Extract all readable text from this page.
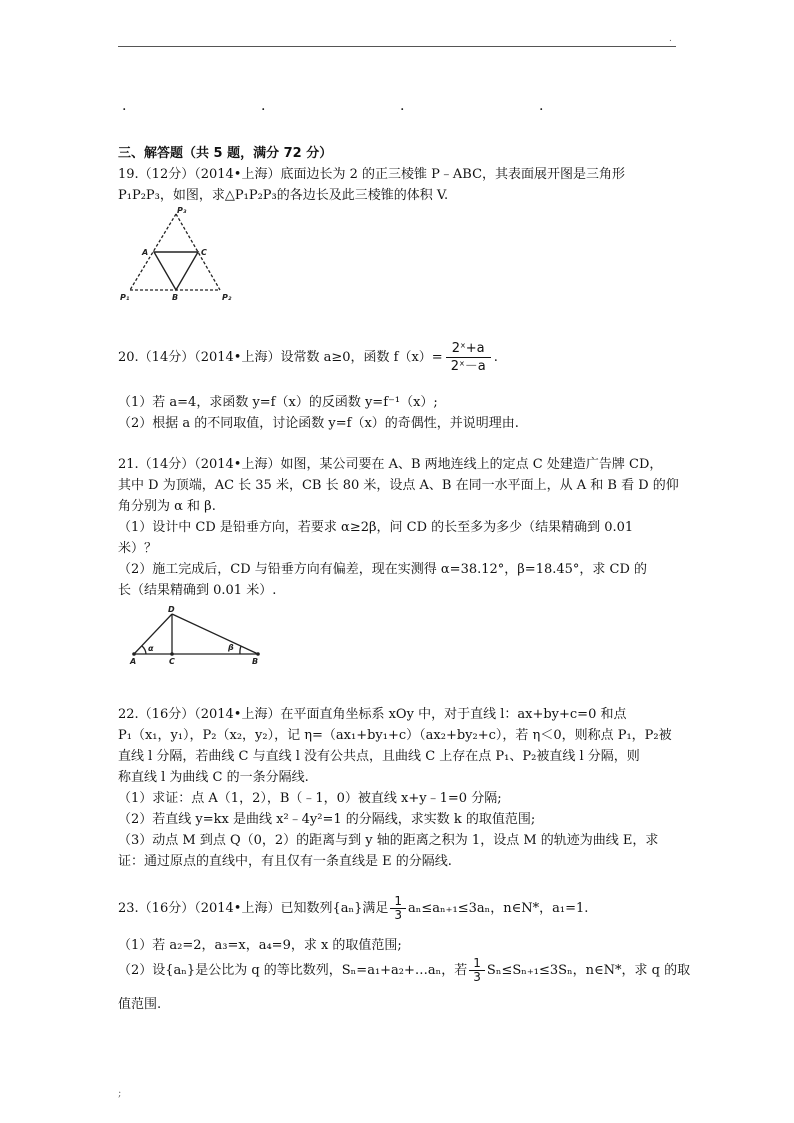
.
.	.	.	.
三、解答题（共 5 题，满分 72 分）
19.（12分）（2014•上海）底面边长为 2 的正三棱锥 P﹣ABC，其表面展开图是三角形
P₁P₂P₃，如图，求△P₁P₂P₃的各边长及此三棱锥的体积 V.
P₃
A	C
P₁	B	P₂
20.（14分）（2014•上海）设常数 a≥0，函数 $f(x)= \frac{\text{2ˣ+a}}{\text{2ˣ－a}}$ .
（1）若 a=4，求函数 y=f（x）的反函数 y=f⁻¹（x）;
（2）根据 a 的不同取值，讨论函数 y=f（x）的奇偶性，并说明理由.
21.（14分）（2014•上海）如图，某公司要在 A、B 两地连线上的定点 C 处建造广告牌 CD，
其中 D 为顶端，AC 长 35 米，CB 长 80 米，设点 A、B 在同一水平面上，从 A 和 B 看 D 的仰
角分别为 α 和 β.
（1）设计中 CD 是铅垂方向，若要求 α≥2β，问 CD 的长至多为多少（结果精确到 0.01
米）？
（2）施工完成后，CD 与铅垂方向有偏差，现在实测得 α=38.12°，β=18.45°，求 CD 的
长（结果精确到 0.01 米）.
D
A	C	B
α	β
22.（16分）（2014•上海）在平面直角坐标系 xOy 中，对于直线 l：ax+by+c=0 和点
P₁（x₁，y₁），P₂（x₂，y₂），记 η=（ax₁+by₁+c）（ax₂+by₂+c），若 η＜0，则称点 P₁，P₂被
直线 l 分隔，若曲线 C 与直线 l 没有公共点，且曲线 C 上存在点 P₁、P₂被直线 l 分隔，则
称直线 l 为曲线 C 的一条分隔线.
（1）求证：点 A（1，2），B（﹣1，0）被直线 x+y﹣1=0 分隔;
（2）若直线 y=kx 是曲线 x²﹣4y²=1 的分隔线，求实数 k 的取值范围;
（3）动点 M 到点 Q（0，2）的距离与到 y 轴的距离之积为 1，设点 M 的轨迹为曲线 E，求
证：通过原点的直线中，有且仅有一条直线是 E 的分隔线.
23.（16分）（2014•上海）已知数列{aₙ}满足 $\frac{1}{3} a_n\le a_{n+1}\le 3a_n$，n∈N*，a₁=1.
（1）若 a₂=2，a₃=x，a₄=9，求 x 的取值范围;
（2）设{aₙ}是公比为 q 的等比数列，Sₙ=a₁+a₂+…aₙ，若 $\frac{1}{3} S_n\le S_{n+1}\le 3S_n$，n∈N*，求 q 的取
值范围.
;
